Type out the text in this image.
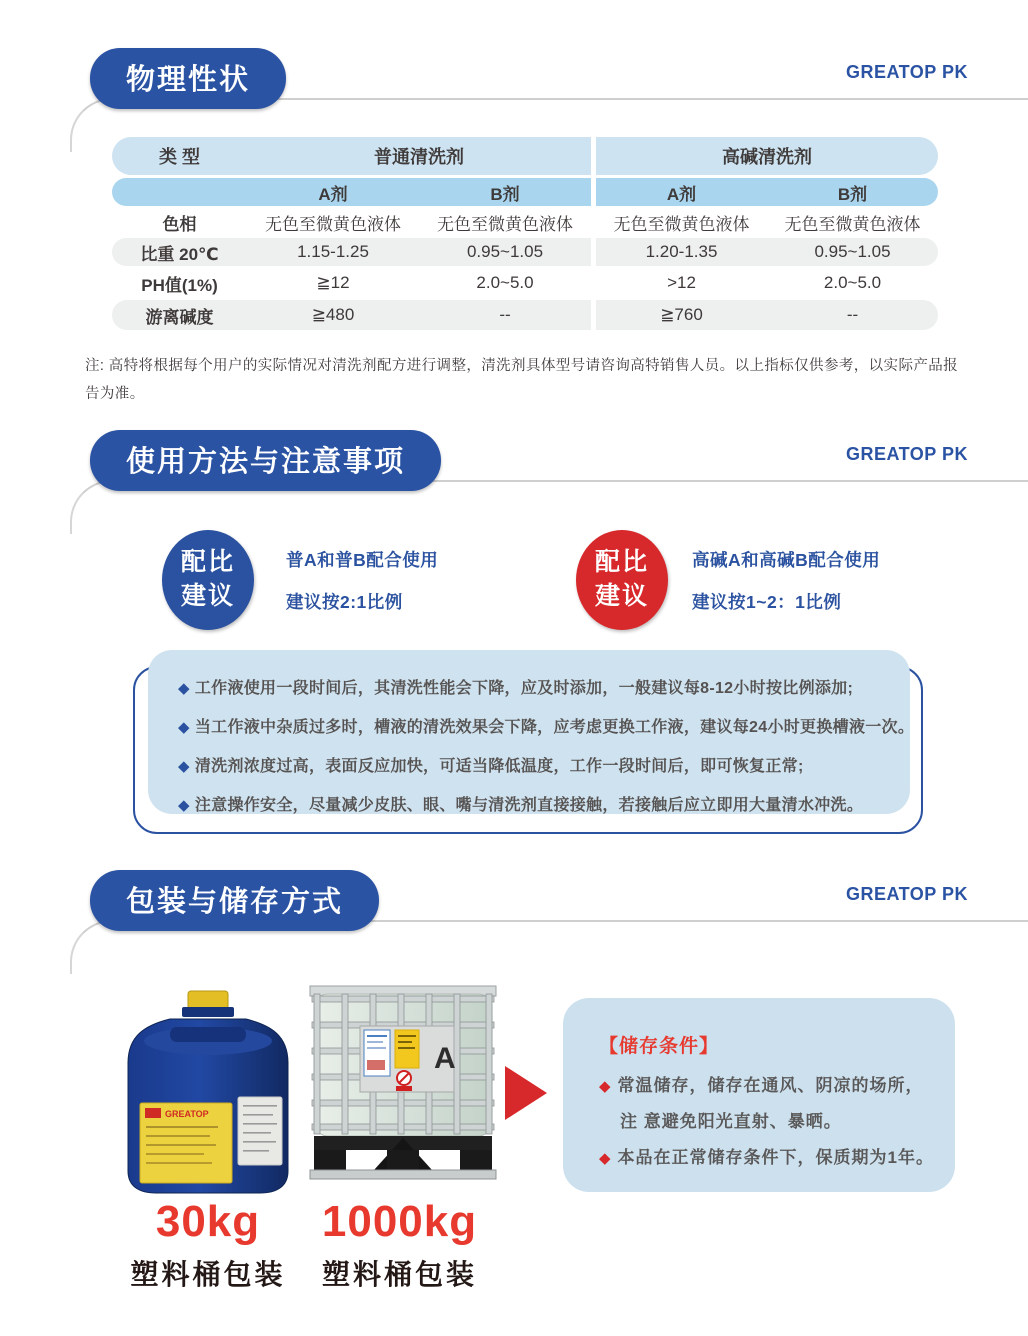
物理性状	GREATOP PK
类 型	普通清洗剂	高碱清洗剂
A剂	B剂	A剂	B剂
色相	无色至微黄色液体	无色至微黄色液体	无色至微黄色液体	无色至微黄色液体
比重 20℃	1.15-1.25	0.95~1.05	1.20-1.35	0.95~1.05
PH值(1%)	≧12	2.0~5.0	>12	2.0~5.0
游离碱度	≧480	--	≧760	--
注: 高特将根据每个用户的实际情况对清洗剂配方进行调整，清洗剂具体型号请咨询高特销售人员。以上指标仅供参考，以实际产品报告为准。
使用方法与注意事项	GREATOP PK
配比
建议
普A和普B配合使用
建议按2:1比例
配比
建议
高碱A和高碱B配合使用
建议按1~2：1比例
◆ 工作液使用一段时间后，其清洗性能会下降，应及时添加，一般建议每8-12小时按比例添加;
◆ 当工作液中杂质过多时，槽液的清洗效果会下降，应考虑更换工作液，建议每24小时更换槽液一次。
◆ 清洗剂浓度过高，表面反应加快，可适当降低温度，工作一段时间后，即可恢复正常;
◆ 注意操作安全，尽量减少皮肤、眼、嘴与清洗剂直接接触，若接触后应立即用大量清水冲洗。
包装与储存方式	GREATOP PK
GREATOP
A	【储存条件】
◆ 常温储存，储存在通风、阴凉的场所，
注 意避免阳光直射、暴晒。
◆ 本品在正常储存条件下，保质期为1年。
30kg
塑料桶包装
1000kg
塑料桶包装
